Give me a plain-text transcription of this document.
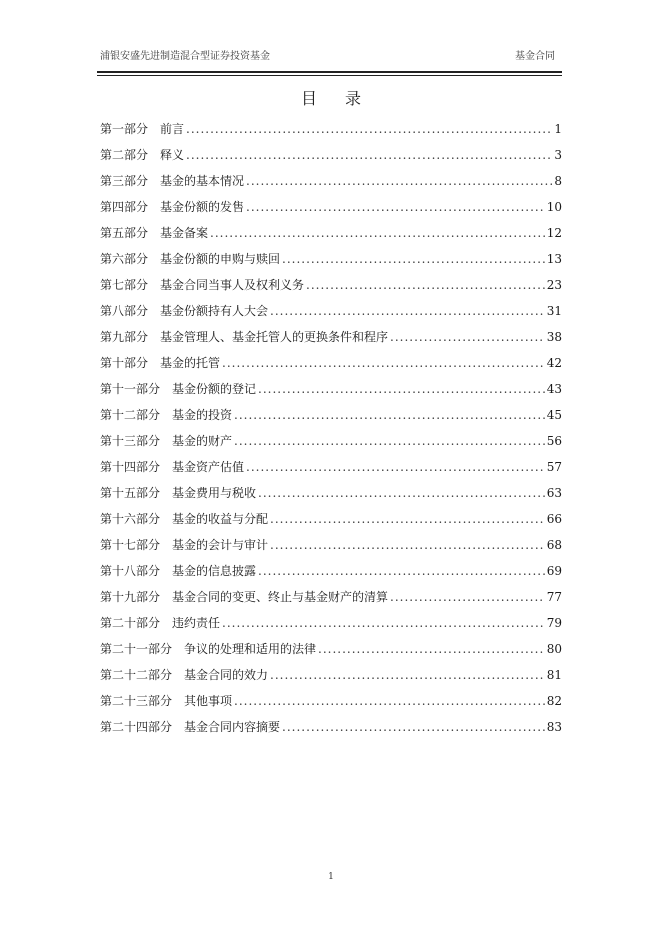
浦银安盛先进制造混合型证券投资基金	基金合同
目 录
第一部分 前言 .....	1
第二部分 释义 .....	3
第三部分 基金的基本情况 .....	8
第四部分 基金份额的发售 .....	10
第五部分 基金备案 .....	12
第六部分 基金份额的申购与赎回 .....	13
第七部分 基金合同当事人及权利义务 .....	23
第八部分 基金份额持有人大会 .....	31
第九部分 基金管理人、基金托管人的更换条件和程序 .....	38
第十部分 基金的托管 .....	42
第十一部分 基金份额的登记 .....	43
第十二部分 基金的投资 .....	45
第十三部分 基金的财产 .....	56
第十四部分 基金资产估值 .....	57
第十五部分 基金费用与税收 .....	63
第十六部分 基金的收益与分配 .....	66
第十七部分 基金的会计与审计 .....	68
第十八部分 基金的信息披露 .....	69
第十九部分 基金合同的变更、终止与基金财产的清算 .....	77
第二十部分 违约责任 .....	79
第二十一部分 争议的处理和适用的法律 .....	80
第二十二部分 基金合同的效力 .....	81
第二十三部分 其他事项 .....	82
第二十四部分 基金合同内容摘要 .....	83
1
